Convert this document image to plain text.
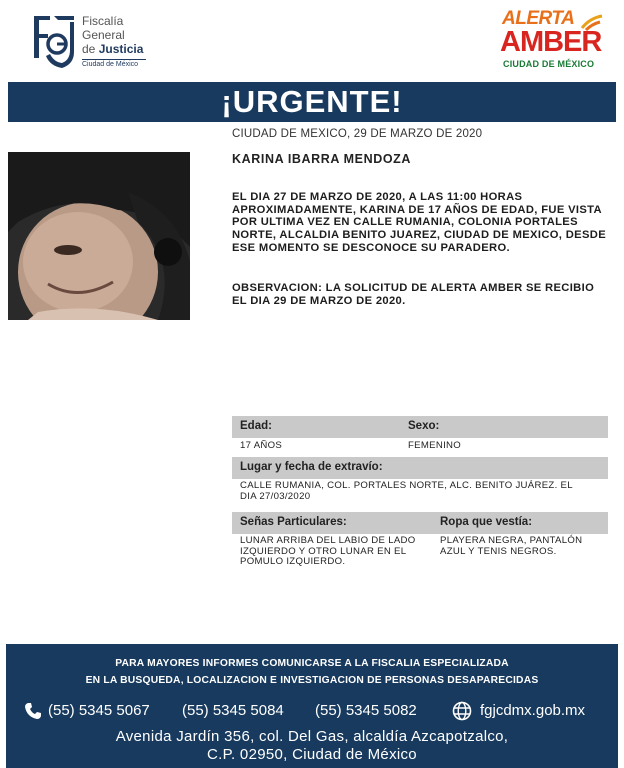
Fiscalía
General
de Justicia
Ciudad de México
ALERTA
AMBER
CIUDAD DE MÉXICO
¡URGENTE!
CIUDAD DE MEXICO, 29 DE MARZO DE 2020
KARINA IBARRA MENDOZA
EL DIA 27 DE MARZO DE 2020, A LAS 11:00 HORAS APROXIMADAMENTE, KARINA DE 17 AÑOS DE EDAD, FUE VISTA POR ULTIMA VEZ EN CALLE RUMANIA, COLONIA PORTALES NORTE, ALCALDIA BENITO JUAREZ, CIUDAD DE MEXICO, DESDE ESE MOMENTO SE DESCONOCE SU PARADERO.
OBSERVACION: LA SOLICITUD DE ALERTA AMBER SE RECIBIO EL DIA 29 DE MARZO DE 2020.
Edad:	Sexo:
17 AÑOS	FEMENINO
Lugar y fecha de extravío:
CALLE RUMANIA, COL. PORTALES NORTE, ALC. BENITO JUÁREZ. EL DIA 27/03/2020
Señas Particulares:	Ropa que vestía:
LUNAR ARRIBA DEL LABIO DE LADO IZQUIERDO Y OTRO LUNAR EN EL POMULO IZQUIERDO.
PLAYERA NEGRA, PANTALÓN AZUL Y TENIS NEGROS.
PARA MAYORES INFORMES COMUNICARSE A LA FISCALIA ESPECIALIZADA
EN LA BUSQUEDA, LOCALIZACION E INVESTIGACION DE PERSONAS DESAPARECIDAS
(55) 5345 5067 (55) 5345 5084 (55) 5345 5082	fgjcdmx.gob.mx
Avenida Jardín 356, col. Del Gas, alcaldía Azcapotzalco,
C.P. 02950, Ciudad de México
